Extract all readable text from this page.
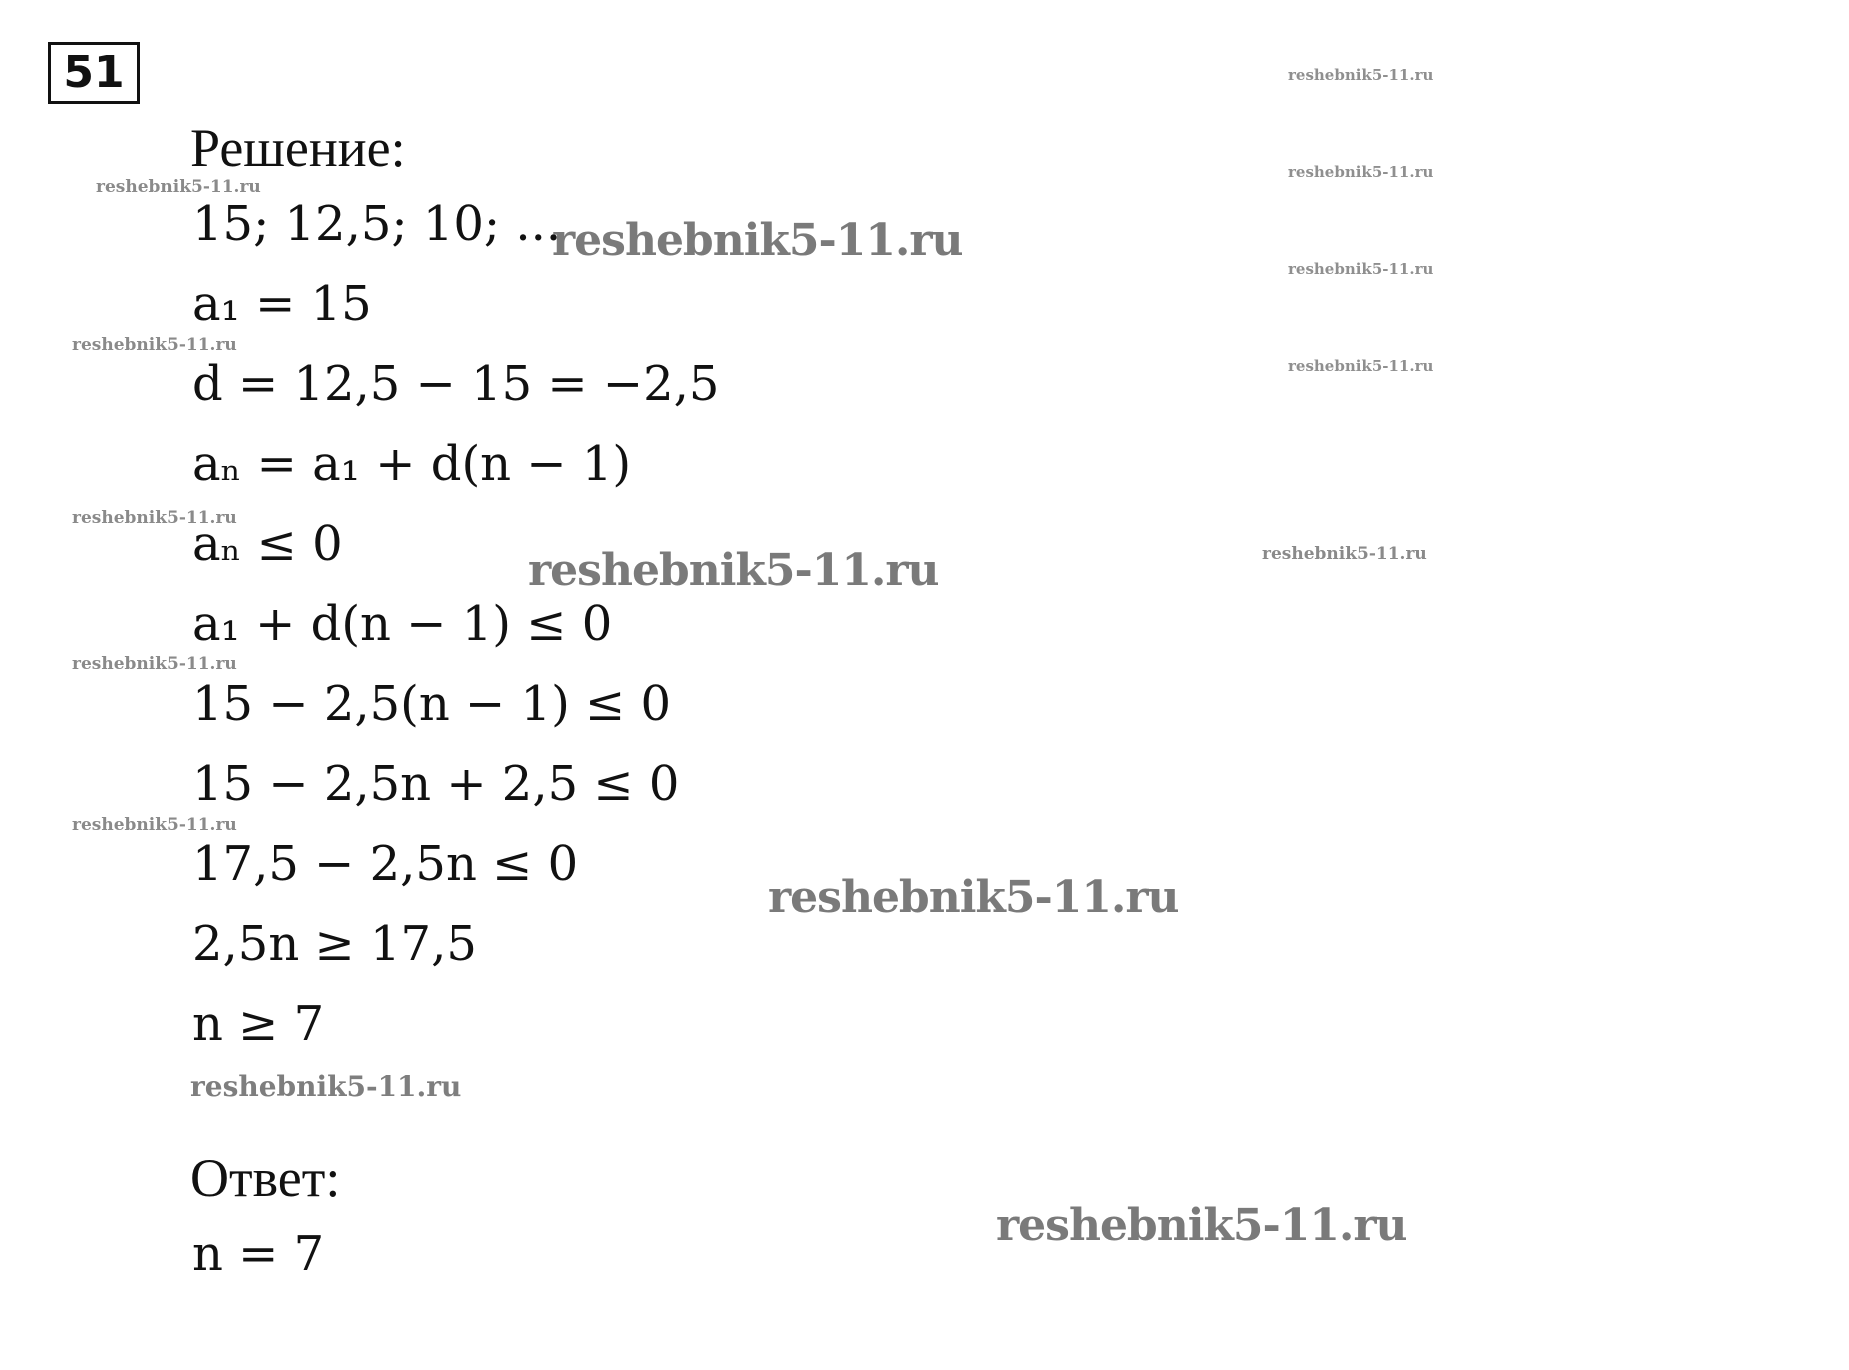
51
Решение:
15; 12,5; 10; ...
a₁ = 15
d = 12,5 − 15 = −2,5
aₙ = a₁ + d(n − 1)
aₙ ≤ 0
a₁ + d(n − 1) ≤ 0
15 − 2,5(n − 1) ≤ 0
15 − 2,5n + 2,5 ≤ 0
17,5 − 2,5n ≤ 0
2,5n ≥ 17,5
n ≥ 7
Ответ:
n = 7
reshebnik5-11.ru
reshebnik5-11.ru
reshebnik5-11.ru
reshebnik5-11.ru
reshebnik5-11.ru
reshebnik5-11.ru
reshebnik5-11.ru
reshebnik5-11.ru
reshebnik5-11.ru
reshebnik5-11.ru
reshebnik5-11.ru
reshebnik5-11.ru
reshebnik5-11.ru
reshebnik5-11.ru
reshebnik5-11.ru
